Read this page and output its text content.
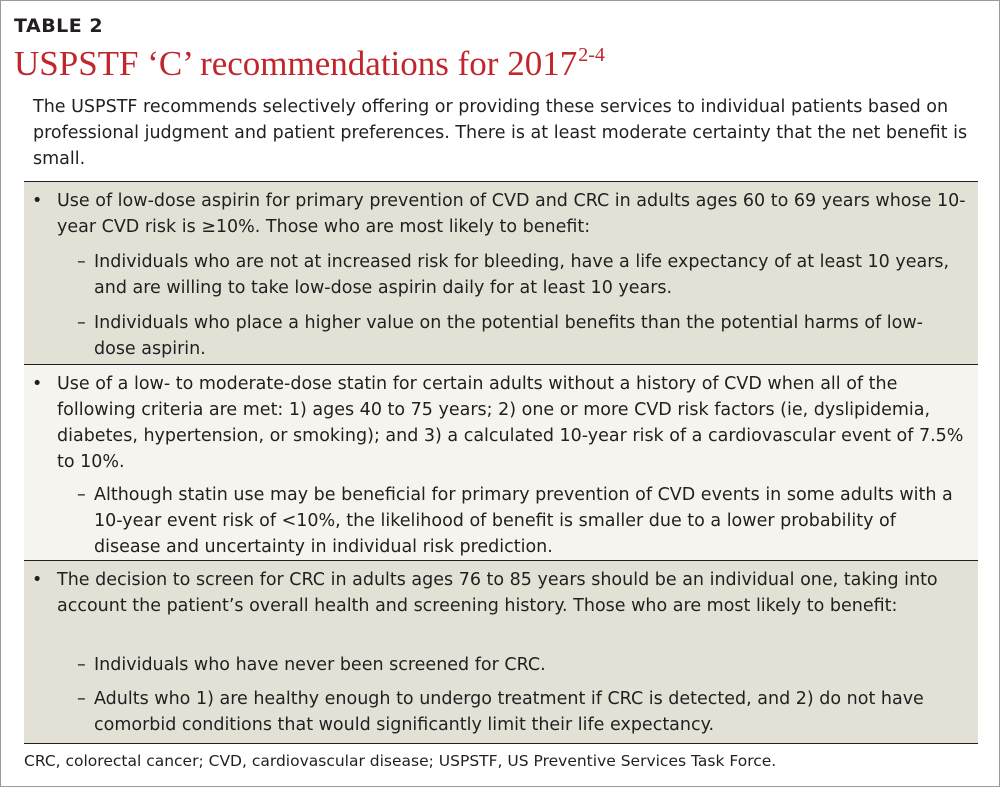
TABLE 2
USPSTF ‘C’ recommendations for 2017$^{2-4}$
The USPSTF recommends selectively offering or providing these services to individual patients based on professional judgment and patient preferences. There is at least moderate certainty that the net benefit is small.
• Use of low-dose aspirin for primary prevention of CVD and CRC in adults ages 60 to 69 years whose 10-year CVD risk is ≥10%. Those who are most likely to benefit:
– Individuals who are not at increased risk for bleeding, have a life expectancy of at least 10 years, and are willing to take low-dose aspirin daily for at least 10 years.
– Individuals who place a higher value on the potential benefits than the potential harms of low-dose aspirin.
• Use of a low- to moderate-dose statin for certain adults without a history of CVD when all of the following criteria are met: 1) ages 40 to 75 years; 2) one or more CVD risk factors (ie, dyslipidemia, diabetes, hypertension, or smoking); and 3) a calculated 10-year risk of a cardiovascular event of 7.5% to 10%.
– Although statin use may be beneficial for primary prevention of CVD events in some adults with a 10-year event risk of <10%, the likelihood of benefit is smaller due to a lower probability of disease and uncertainty in individual risk prediction.
• The decision to screen for CRC in adults ages 76 to 85 years should be an individual one, taking into account the patient’s overall health and screening history. Those who are most likely to benefit:
– Individuals who have never been screened for CRC.
– Adults who 1) are healthy enough to undergo treatment if CRC is detected, and 2) do not have comorbid conditions that would significantly limit their life expectancy.
CRC, colorectal cancer; CVD, cardiovascular disease; USPSTF, US Preventive Services Task Force.
